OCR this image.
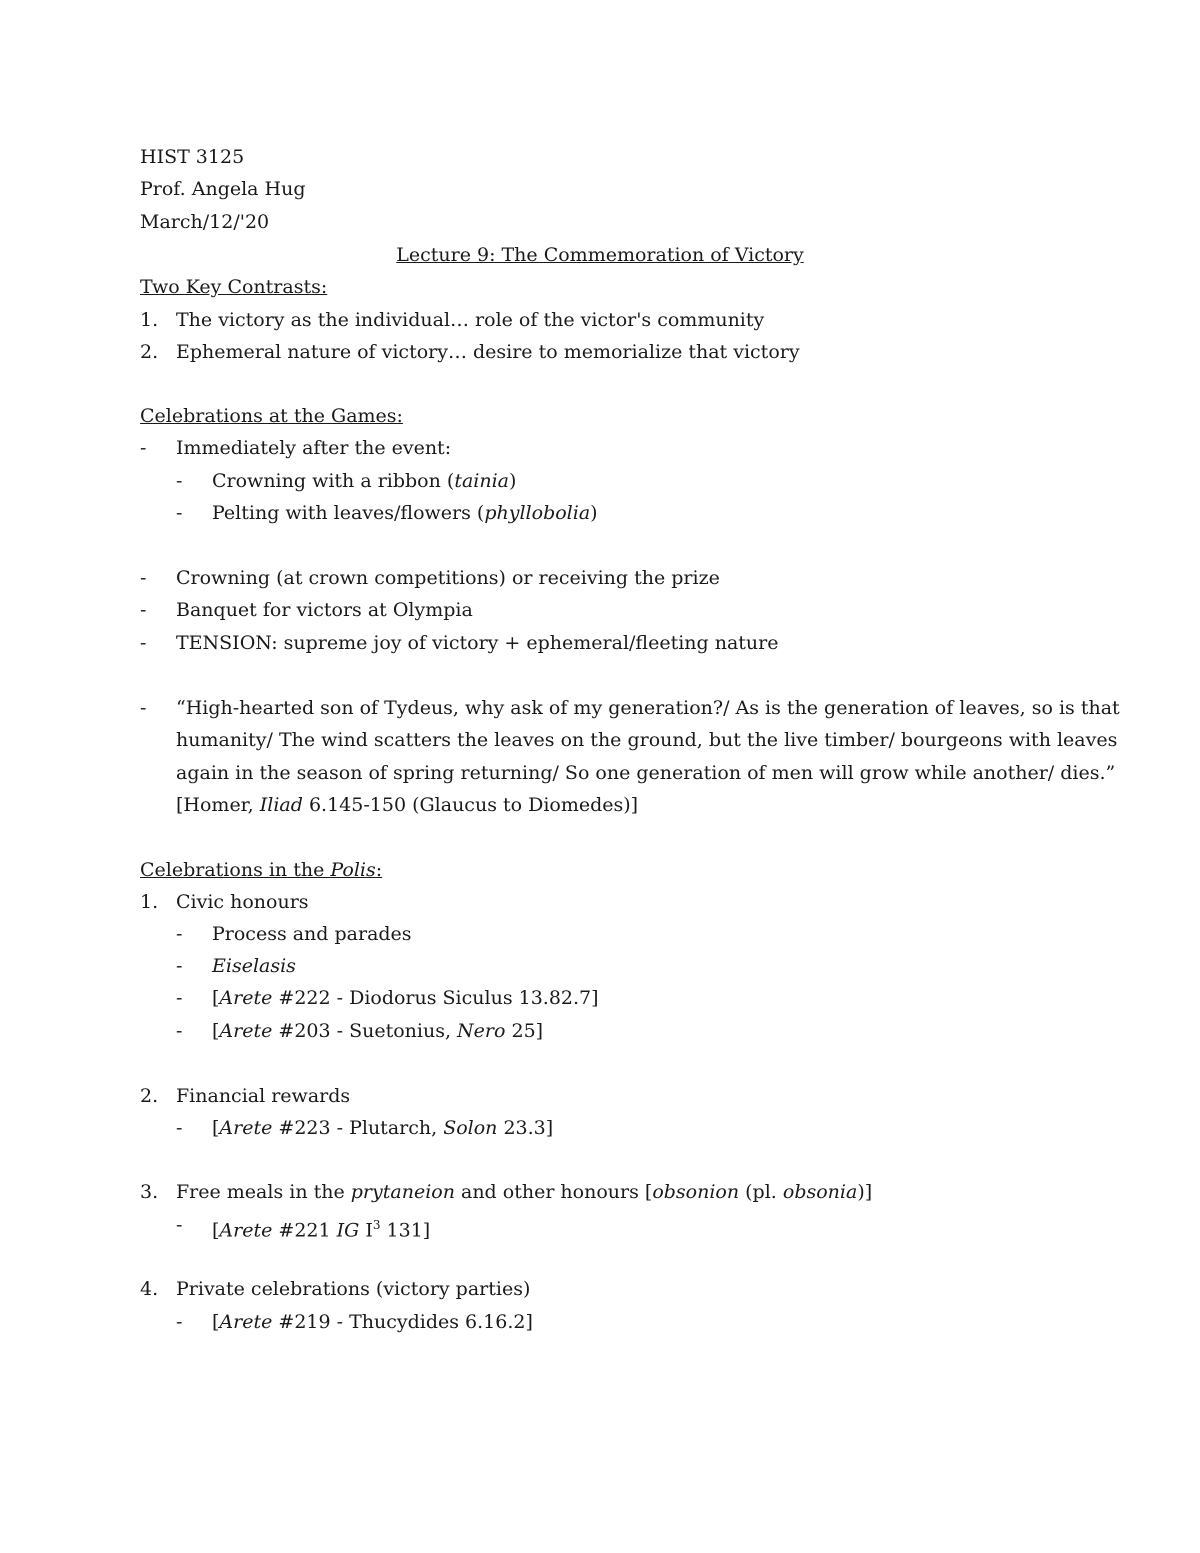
HIST 3125
Prof. Angela Hug
March/12/'20
Lecture 9: The Commemoration of Victory
Two Key Contrasts:
1. The victory as the individual… role of the victor's community
2. Ephemeral nature of victory… desire to memorialize that victory
Celebrations at the Games:
- Immediately after the event:
- Crowning with a ribbon (tainia)
- Pelting with leaves/flowers (phyllobolia)
- Crowning (at crown competitions) or receiving the prize
- Banquet for victors at Olympia
- TENSION: supreme joy of victory + ephemeral/fleeting nature
- “High-hearted son of Tydeus, why ask of my generation?/ As is the generation of leaves, so is that
humanity/ The wind scatters the leaves on the ground, but the live timber/ bourgeons with leaves
again in the season of spring returning/ So one generation of men will grow while another/ dies.”
[Homer, Iliad 6.145-150 (Glaucus to Diomedes)]
Celebrations in the Polis:
1. Civic honours
- Process and parades
- Eiselasis
- [Arete #222 - Diodorus Siculus 13.82.7]
- [Arete #203 - Suetonius, Nero 25]
2. Financial rewards
- [Arete #223 - Plutarch, Solon 23.3]
3. Free meals in the prytaneion and other honours [obsonion (pl. obsonia)]
- [Arete #221 IG $I^3$ 131]
4. Private celebrations (victory parties)
- [Arete #219 - Thucydides 6.16.2]
